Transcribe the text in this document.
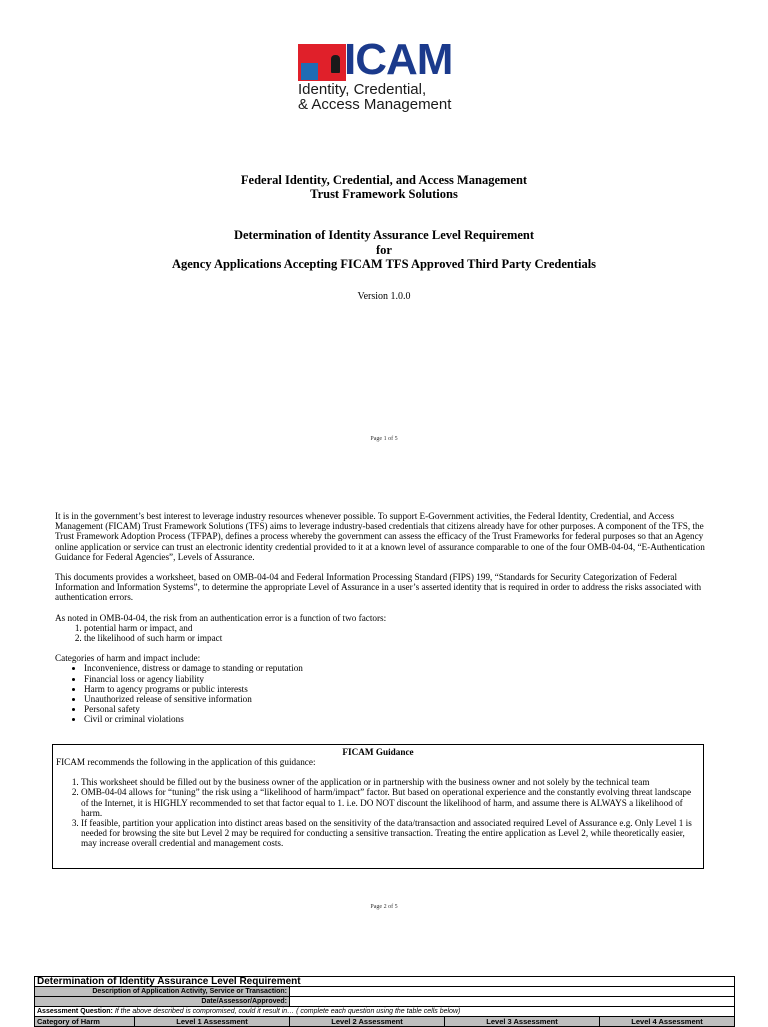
ICAM
Identity, Credential,
& Access Management
Federal Identity, Credential, and Access Management
Trust Framework Solutions
Determination of Identity Assurance Level Requirement
for
Agency Applications Accepting FICAM TFS Approved Third Party Credentials
Version 1.0.0
Page 1 of 5

It is in the government’s best interest to leverage industry resources whenever possible. To support E-Government activities, the Federal Identity, Credential, and Access Management (FICAM) Trust Framework Solutions (TFS) aims to leverage industry-based credentials that citizens already have for other purposes. A component of the TFS, the Trust Framework Adoption Process (TFPAP), defines a process whereby the government can assess the efficacy of the Trust Frameworks for federal purposes so that an Agency online application or service can trust an electronic identity credential provided to it at a known level of assurance comparable to one of the four OMB-04-04, “E-Authentication Guidance for Federal Agencies”, Levels of Assurance.

This documents provides a worksheet, based on OMB-04-04 and Federal Information Processing Standard (FIPS) 199, “Standards for Security Categorization of Federal Information and Information Systems”, to determine the appropriate Level of Assurance in a user’s asserted identity that is required in order to address the risks associated with authentication errors.

As noted in OMB-04-04, the risk from an authentication error is a function of two factors:

1. potential harm or impact, and
2. the likelihood of such harm or impact

Categories of harm and impact include:

• Inconvenience, distress or damage to standing or reputation
• Financial loss or agency liability
• Harm to agency programs or public interests
• Unauthorized release of sensitive information
• Personal safety
• Civil or criminal violations
FICAM Guidance
FICAM recommends the following in the application of this guidance:
1. This worksheet should be filled out by the business owner of the application or in partnership with the business owner and not solely by the technical team
2. OMB-04-04 allows for “tuning” the risk using a “likelihood of harm/impact” factor. But based on operational experience and the constantly evolving threat landscape of the Internet, it is HIGHLY recommended to set that factor equal to 1. i.e. DO NOT discount the likelihood of harm, and assume there is ALWAYS a likelihood of harm.
3. If feasible, partition your application into distinct areas based on the sensitivity of the data/transaction and associated required Level of Assurance e.g. Only Level 1 is needed for browsing the site but Level 2 may be required for conducting a sensitive transaction. Treating the entire application as Level 2, while theoretically easier, may increase overall credential and management costs.
Page 2 of 5
Determination of Identity Assurance Level Requirement				
Description of Application Activity, Service or Transaction:				
Date/Assessor/Approved:				
Assessment Question: If the above described is compromised, could it result in… ( complete each question using the table cells below)				
Category of Harm	Level 1 Assessment	Level 2 Assessment	Level 3 Assessment	Level 4 Assessment
